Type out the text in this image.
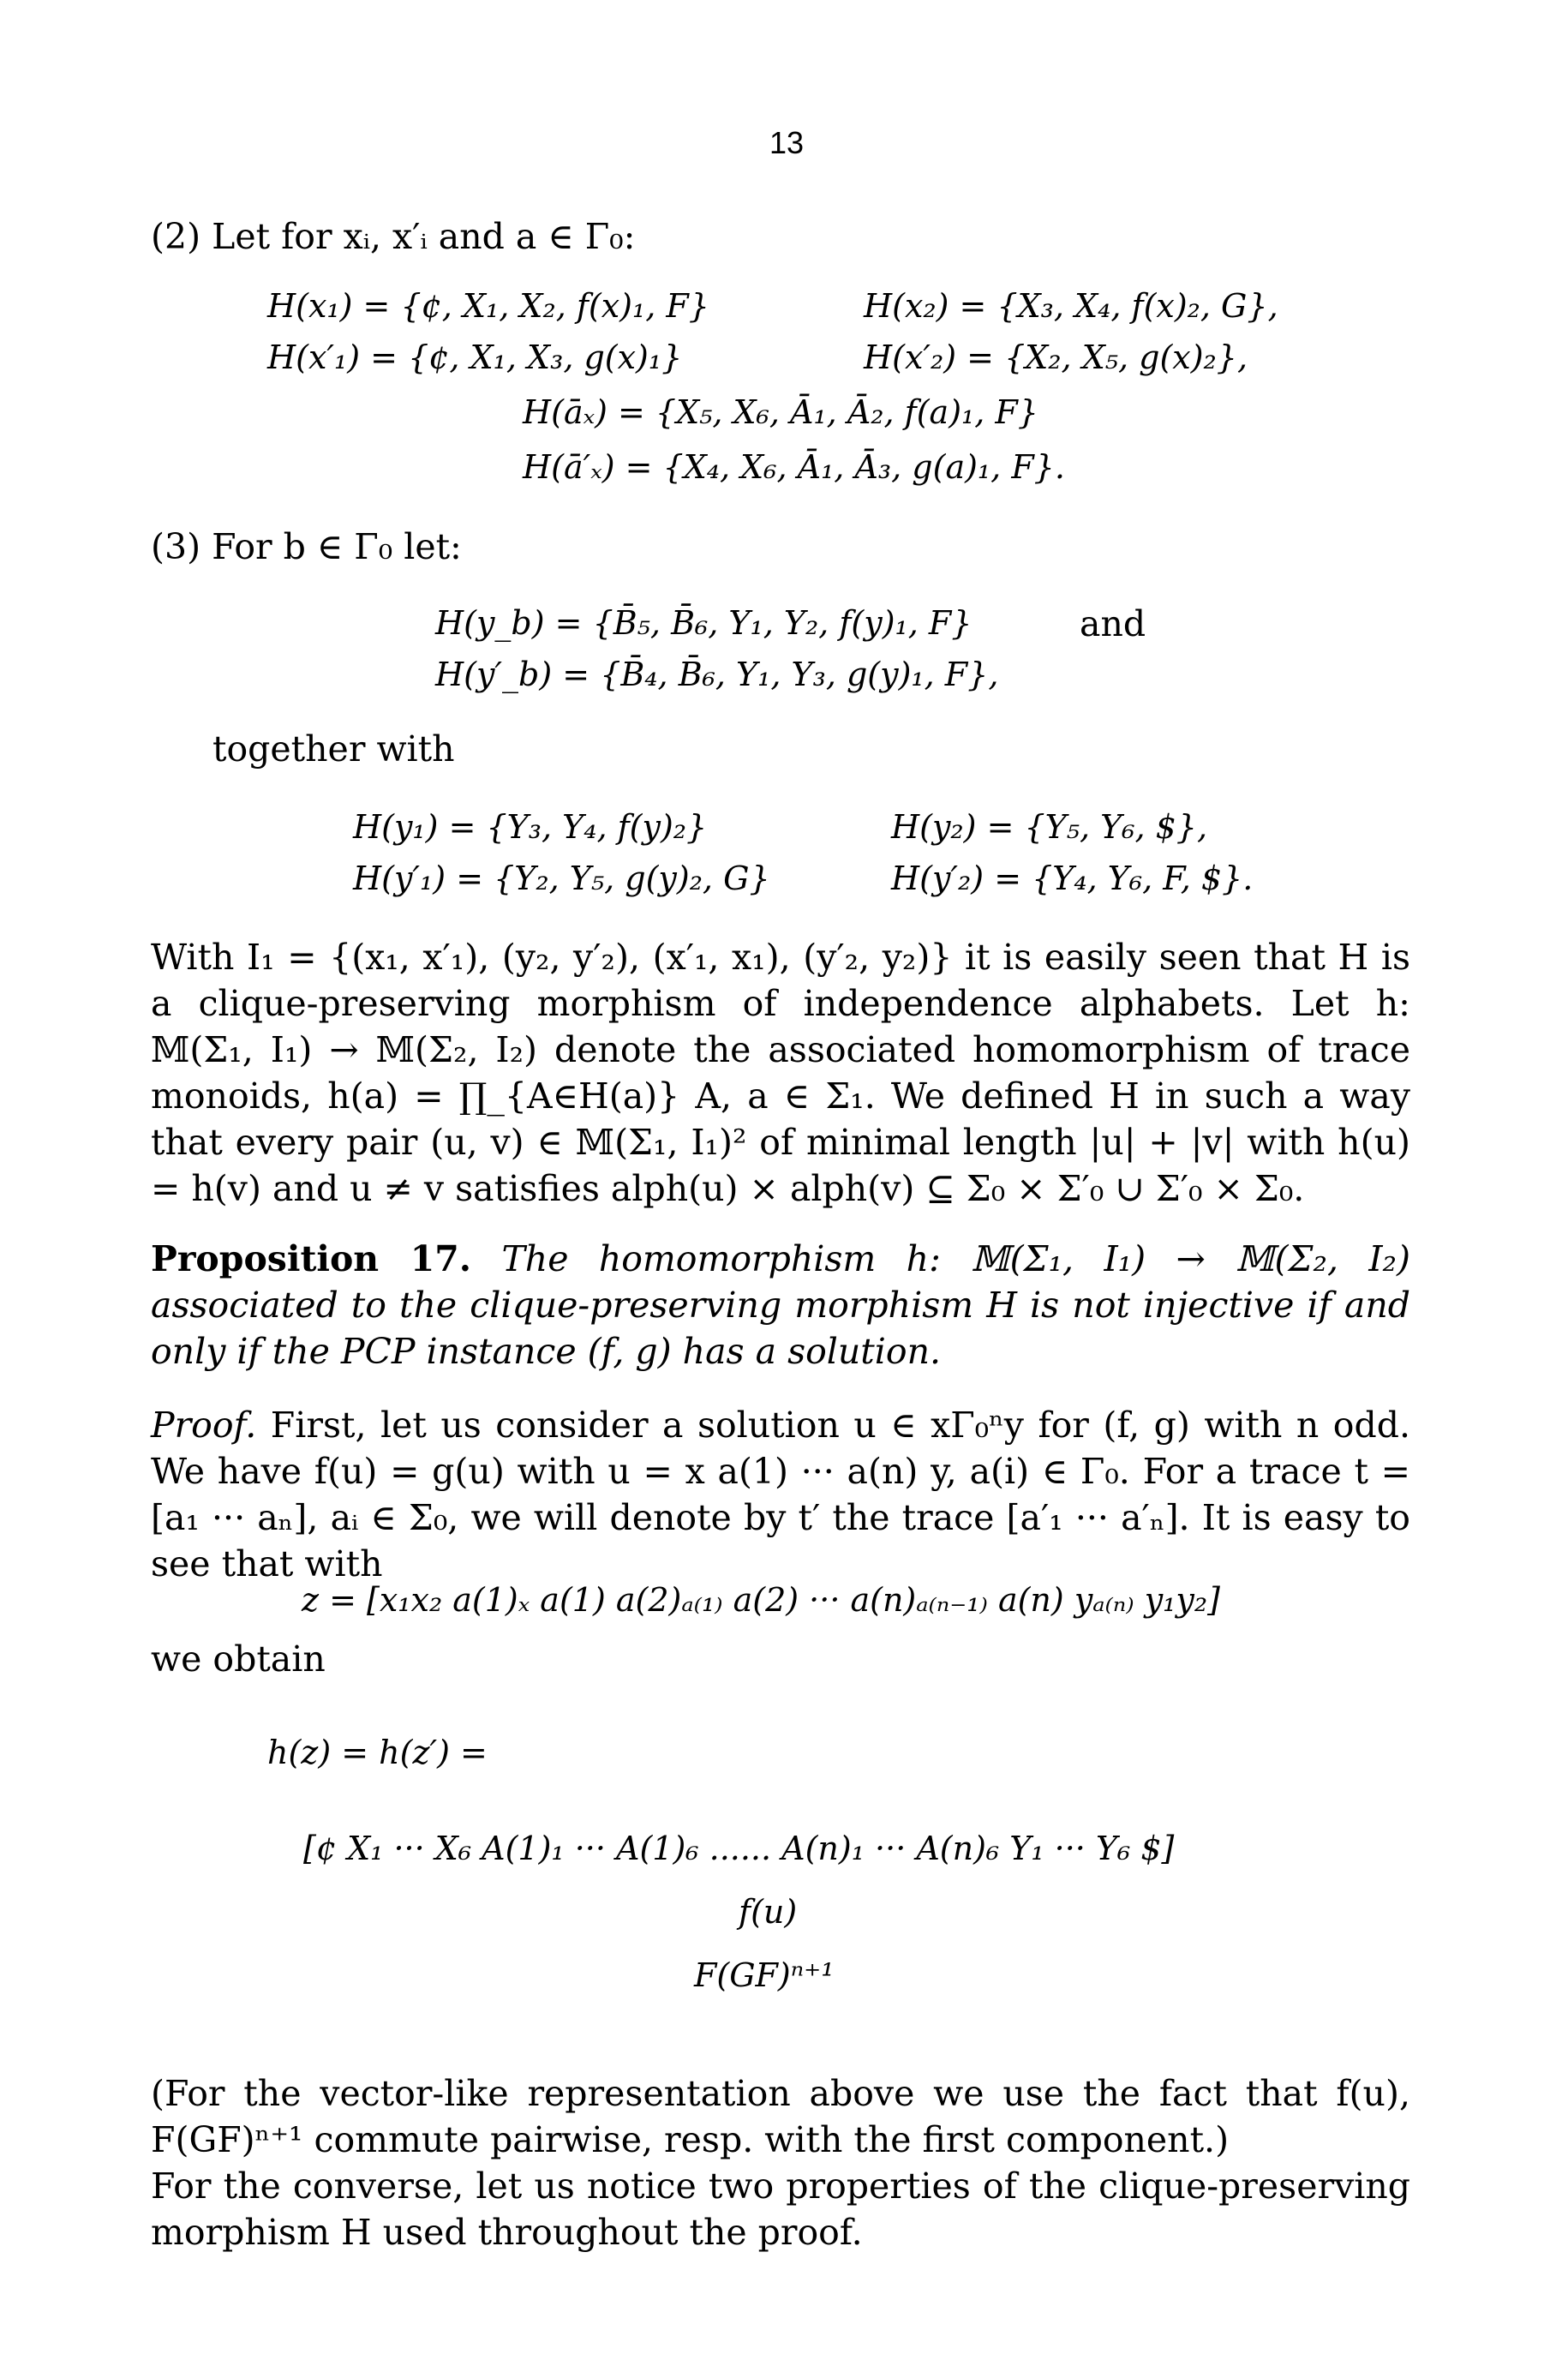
13
(2) Let for xᵢ, x′ᵢ and a ∈ Γ₀:
H(x₁) = {¢, X₁, X₂, f(x)₁, F}	H(x₂) = {X₃, X₄, f(x)₂, G},
H(x′₁) = {¢, X₁, X₃, g(x)₁}	H(x′₂) = {X₂, X₅, g(x)₂},
H(āₓ) = {X₅, X₆, Ā₁, Ā₂, f(a)₁, F}
H(ā′ₓ) = {X₄, X₆, Ā₁, Ā₃, g(a)₁, F}.
(3) For b ∈ Γ₀ let:
H(y_b) = {B̄₅, B̄₆, Y₁, Y₂, f(y)₁, F}	and
H(y′_b) = {B̄₄, B̄₆, Y₁, Y₃, g(y)₁, F},
together with
H(y₁) = {Y₃, Y₄, f(y)₂}	H(y₂) = {Y₅, Y₆, $},
H(y′₁) = {Y₂, Y₅, g(y)₂, G}	H(y′₂) = {Y₄, Y₆, F, $}.
With I₁ = {(x₁, x′₁), (y₂, y′₂), (x′₁, x₁), (y′₂, y₂)} it is easily seen that H is a clique-preserving morphism of independence alphabets. Let h: 𝕄(Σ₁, I₁) → 𝕄(Σ₂, I₂) denote the associated homomorphism of trace monoids, h(a) = ∏_{A∈H(a)} A, a ∈ Σ₁. We defined H in such a way that every pair (u, v) ∈ 𝕄(Σ₁, I₁)² of minimal length |u| + |v| with h(u) = h(v) and u ≠ v satisfies alph(u) × alph(v) ⊆ Σ₀ × Σ′₀ ∪ Σ′₀ × Σ₀.
Proposition 17. The homomorphism h: 𝕄(Σ₁, I₁) → 𝕄(Σ₂, I₂) associated to the clique-preserving morphism H is not injective if and only if the PCP instance (f, g) has a solution.
Proof. First, let us consider a solution u ∈ xΓ₀ⁿy for (f, g) with n odd. We have f(u) = g(u) with u = x a(1) ··· a(n) y, a(i) ∈ Γ₀. For a trace t = [a₁ ··· aₙ], aᵢ ∈ Σ₀, we will denote by t′ the trace [a′₁ ··· a′ₙ]. It is easy to see that with
z = [x₁x₂ a(1)ₓ a(1) a(2)ₐ₍₁₎ a(2) ··· a(n)ₐ₍ₙ₋₁₎ a(n) yₐ₍ₙ₎ y₁y₂]
we obtain
h(z) = h(z′) =
[¢ X₁ ··· X₆ A(1)₁ ··· A(1)₆ ...... A(n)₁ ··· A(n)₆ Y₁ ··· Y₆ $]
f(u)
F(GF)ⁿ⁺¹
(For the vector-like representation above we use the fact that f(u), F(GF)ⁿ⁺¹ commute pairwise, resp. with the first component.)
For the converse, let us notice two properties of the clique-preserving morphism H used throughout the proof.
